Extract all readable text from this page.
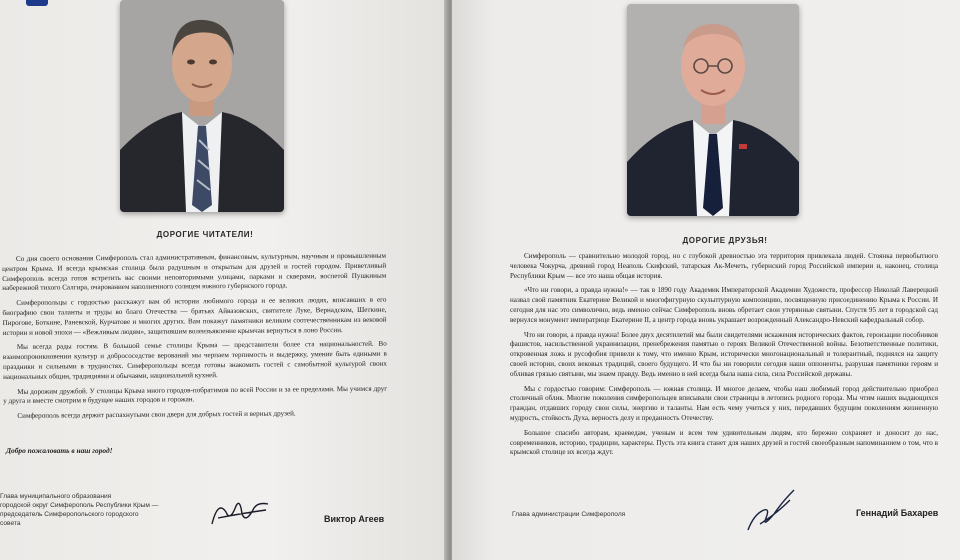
ДОРОГИЕ ЧИТАТЕЛИ!

Со дня своего основания Симферополь стал административным, финансовым, культурным, научным и промышленным центром Крыма. И всегда крымская столица была радушным и открытым для друзей и гостей городом. Приветливый Симферополь всегда готов встретить вас своими неповторимыми улицами, парками и скверами, воспетой Пушкиным набережной тихого Салгира, очарованием наполненного солнцем южного губернского города.

Симферопольцы с гордостью расскажут вам об истории любимого города и ее великих людях, вписавших в его биографию свои таланты и труды во благо Отечества — братьях Айвазовских, святителе Луке, Вернадском, Шеткине, Пирогове, Боткине, Раневской, Курчатове и многих других. Вам покажут памятники великим соотечественникам из вековой истории и новой эпохи — «Вежливым людям», защитившим волеизъявление крымчан вернуться в лоно России.

Мы всегда рады гостям. В большой семье столицы Крыма — представители более ста национальностей. Во взаимопроникновении культур и добрососедстве верований мы черпаем терпимость и выдержку, умение быть едиными в праздники и сильными в трудностях. Симферопольцы всегда готовы знакомить гостей с самобытной культурой своих национальных общин, традициями и обычаями, национальной кухней.

Мы дорожим дружбой. У столицы Крыма много городов-побратимов по всей России и за ее пределами. Мы учимся друг у друга и вместе смотрим в будущее наших городов и горожан.

Симферополь всегда держит распахнутыми свои двери для добрых гостей и верных друзей.

Добро пожаловать в наш город!
Глава муниципального образования
городской округ Симферополь Республики Крым —
председатель Симферопольского городского совета	Виктор Агеев
ДОРОГИЕ ДРУЗЬЯ!

Симферополь — сравнительно молодой город, но с глубокой древностью эта территория привлекала людей. Стоянка первобытного человека Чокурча, древний город Неаполь Скифский, татарская Ак-Мечеть, губернский город Российской империи и, наконец, столица Республики Крым — все это наша общая история.

«Что ни говори, а правда нужна!» — так в 1890 году Академик Императорской Академии Художеств, профессор Николай Лаверецкий назвал свой памятник Екатерине Великой и многофигурную скульптурную композицию, посвященную присоединению Крыма к России. И сегодня для нас это символично, ведь именно сейчас Симферополь вновь обретает свои утерянные святыни. Спустя 95 лет в городской сад вернулся монумент императрице Екатерине II, а центр города вновь украшает возрожденный Александро-Невский кафедральный собор.

Что ни говори, а правда нужна! Более двух десятилетий мы были свидетелями искажения исторических фактов, героизации пособников фашистов, насильственной украинизации, пренебрежения памятью о героях Великой Отечественной войны. Безответственные политики, откровенная ложь и русофобия привели к тому, что именно Крым, исторически многонациональный и толерантный, поднялся на защиту своей истории, своих вековых традиций, своего будущего. И что бы ни говорили сегодня наши оппоненты, разрушая памятники героям и обливая грязью святыни, мы знаем правду. Ведь именно в ней всегда была наша сила, сила Российской державы.

Мы с гордостью говорим: Симферополь — южная столица. И многое делаем, чтобы наш любимый город действительно приобрел столичный облик. Многие поколения симферопольцев вписывали свои страницы в летопись родного города. Мы чтим наших выдающихся граждан, отдавших городу свои силы, энергию и таланты. Нам есть чему учиться у них, передавших будущим поколениям жизненную мудрость, стойкость Духа, верность делу и преданность Отечеству.

Большое спасибо авторам, краеведам, ученым и всем тем удивительным людям, кто бережно сохраняет и доносит до нас, современников, историю, традиции, характеры. Пусть эта книга станет для наших друзей и гостей своеобразным напоминанием о том, что в крымской столице их всегда ждут.

Глава администрации Симферополя	Геннадий Бахарев
